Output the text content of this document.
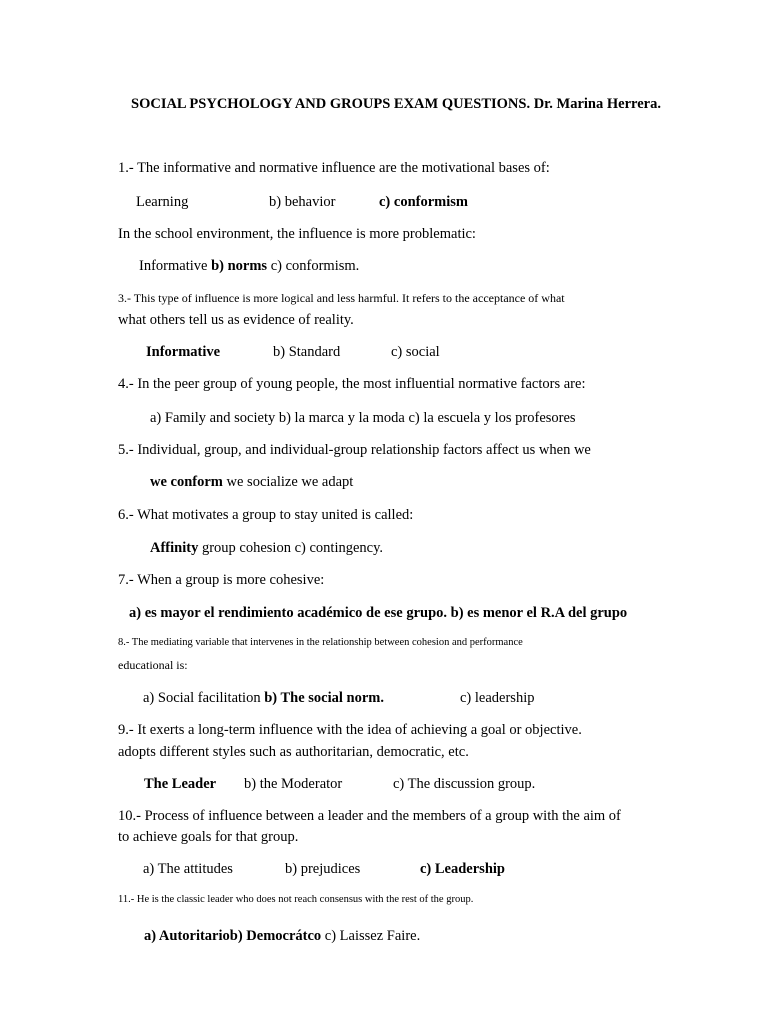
SOCIAL PSYCHOLOGY AND GROUPS EXAM QUESTIONS. Dr. Marina Herrera.
1.- The informative and normative influence are the motivational bases of:
Learning	b) behavior	c) conformism
In the school environment, the influence is more problematic:
Informative b) norms c) conformism.
3.- This type of influence is more logical and less harmful. It refers to the acceptance of what
what others tell us as evidence of reality.
Informative	b) Standard	c) social
4.- In the peer group of young people, the most influential normative factors are:
a) Family and society b) la marca y la moda c) la escuela y los profesores
5.- Individual, group, and individual-group relationship factors affect us when we
we conform we socialize we adapt
6.- What motivates a group to stay united is called:
Affinity group cohesion c) contingency.
7.- When a group is more cohesive:
a) es mayor el rendimiento académico de ese grupo. b) es menor el R.A del grupo
8.- The mediating variable that intervenes in the relationship between cohesion and performance
educational is:
a) Social facilitation b) The social norm.	c) leadership
9.- It exerts a long-term influence with the idea of achieving a goal or objective.
adopts different styles such as authoritarian, democratic, etc.
The Leader b) the Moderator	c) The discussion group.
10.- Process of influence between a leader and the members of a group with the aim of
to achieve goals for that group.
a) The attitudes	b) prejudices	c) Leadership
11.- He is the classic leader who does not reach consensus with the rest of the group.
a) Autoritariob) Democrátco c) Laissez Faire.
